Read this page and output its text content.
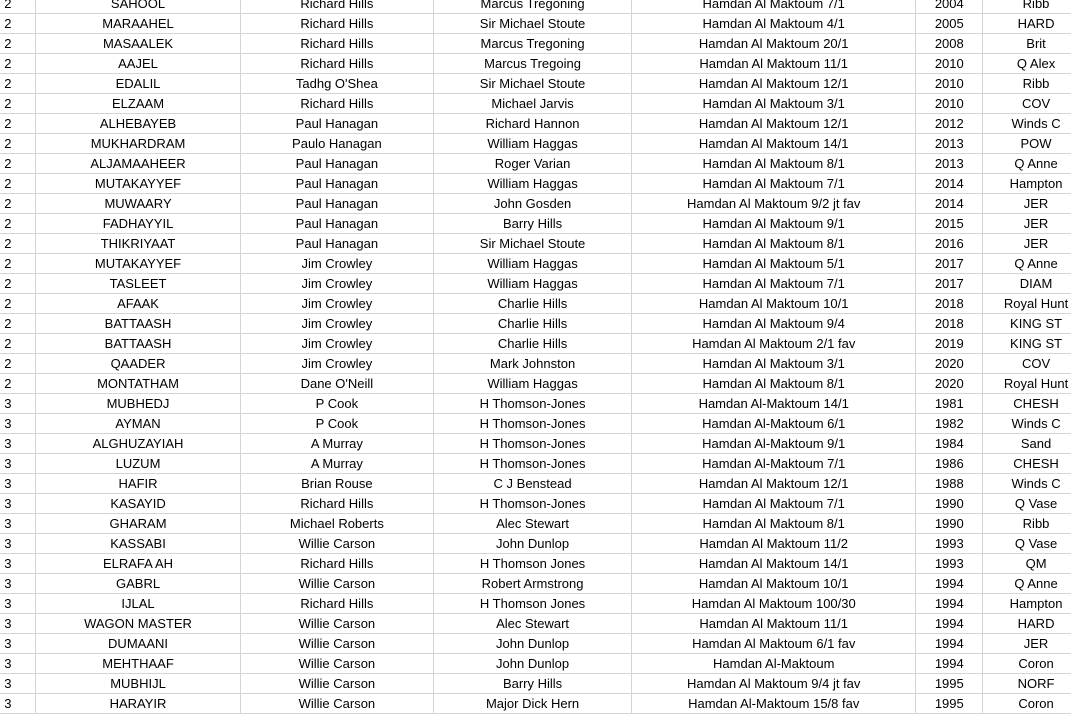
2	SAHOOL	Richard Hills	Marcus Tregoning	Hamdan Al Maktoum 7/1	2004	Ribb
2	MARAAHEL	Richard Hills	Sir Michael Stoute	Hamdan Al Maktoum 4/1	2005	HARD
2	MASAALEK	Richard Hills	Marcus Tregoning	Hamdan Al Maktoum 20/1	2008	Brit
2	AAJEL	Richard Hills	Marcus Tregoing	Hamdan Al Maktoum 11/1	2010	Q Alex
2	EDALIL	Tadhg O'Shea	Sir Michael Stoute	Hamdan Al Maktoum 12/1	2010	Ribb
2	ELZAAM	Richard Hills	Michael Jarvis	Hamdan Al Maktoum 3/1	2010	COV
2	ALHEBAYEB	Paul Hanagan	Richard Hannon	Hamdan Al Maktoum 12/1	2012	Winds C
2	MUKHARDRAM	Paulo Hanagan	William Haggas	Hamdan Al Maktoum 14/1	2013	POW
2	ALJAMAAHEER	Paul Hanagan	Roger Varian	Hamdan Al Maktoum 8/1	2013	Q Anne
2	MUTAKAYYEF	Paul Hanagan	William Haggas	Hamdan Al Maktoum 7/1	2014	Hampton
2	MUWAARY	Paul Hanagan	John Gosden	Hamdan Al Maktoum 9/2 jt fav	2014	JER
2	FADHAYYIL	Paul Hanagan	Barry Hills	Hamdan Al Maktoum 9/1	2015	JER
2	THIKRIYAAT	Paul Hanagan	Sir Michael Stoute	Hamdan Al Maktoum 8/1	2016	JER
2	MUTAKAYYEF	Jim Crowley	William Haggas	Hamdan Al Maktoum 5/1	2017	Q Anne
2	TASLEET	Jim Crowley	William Haggas	Hamdan Al Maktoum 7/1	2017	DIAM
2	AFAAK	Jim Crowley	Charlie Hills	Hamdan Al Maktoum 10/1	2018	Royal Hunt
2	BATTAASH	Jim Crowley	Charlie Hills	Hamdan Al Maktoum 9/4	2018	KING ST
2	BATTAASH	Jim Crowley	Charlie Hills	Hamdan Al Maktoum 2/1 fav	2019	KING ST
2	QAADER	Jim Crowley	Mark Johnston	Hamdan Al Maktoum 3/1	2020	COV
2	MONTATHAM	Dane O'Neill	William Haggas	Hamdan Al Maktoum 8/1	2020	Royal Hunt
3	MUBHEDJ	P Cook	H Thomson-Jones	Hamdan Al-Maktoum 14/1	1981	CHESH
3	AYMAN	P Cook	H Thomson-Jones	Hamdan Al-Maktoum 6/1	1982	Winds C
3	ALGHUZAYIAH	A Murray	H Thomson-Jones	Hamdan Al-Maktoum 9/1	1984	Sand
3	LUZUM	A Murray	H Thomson-Jones	Hamdan Al-Maktoum 7/1	1986	CHESH
3	HAFIR	Brian Rouse	C J Benstead	Hamdan Al Maktoum 12/1	1988	Winds C
3	KASAYID	Richard Hills	H Thomson-Jones	Hamdan Al Maktoum 7/1	1990	Q Vase
3	GHARAM	Michael Roberts	Alec Stewart	Hamdan Al Maktoum 8/1	1990	Ribb
3	KASSABI	Willie Carson	John Dunlop	Hamdan Al Maktoum 11/2	1993	Q Vase
3	ELRAFA AH	Richard Hills	H Thomson Jones	Hamdan Al Maktoum 14/1	1993	QM
3	GABRL	Willie Carson	Robert Armstrong	Hamdan Al Maktoum 10/1	1994	Q Anne
3	IJLAL	Richard Hills	H Thomson Jones	Hamdan Al Maktoum 100/30	1994	Hampton
3	WAGON MASTER	Willie Carson	Alec Stewart	Hamdan Al Maktoum 11/1	1994	HARD
3	DUMAANI	Willie Carson	John Dunlop	Hamdan Al Maktoum 6/1 fav	1994	JER
3	MEHTHAAF	Willie Carson	John Dunlop	Hamdan Al-Maktoum	1994	Coron
3	MUBHIJL	Willie Carson	Barry Hills	Hamdan Al Maktoum 9/4 jt fav	1995	NORF
3	HARAYIR	Willie Carson	Major Dick Hern	Hamdan Al-Maktoum 15/8 fav	1995	Coron
